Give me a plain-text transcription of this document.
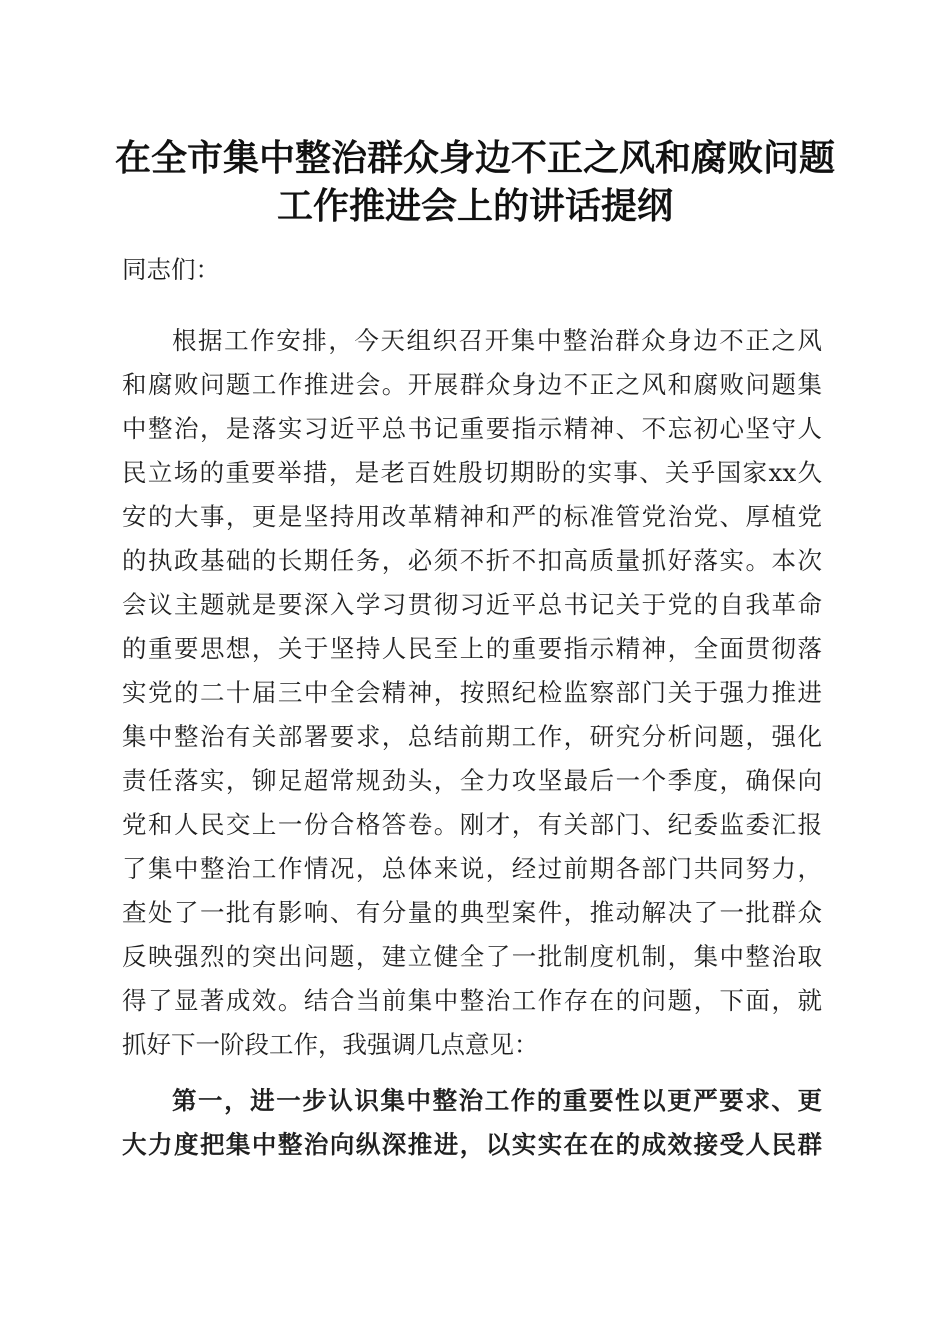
在全市集中整治群众身边不正之风和腐败问题
工作推进会上的讲话提纲
同志们：
根据工作安排，今天组织召开集中整治群众身边不正之风
和腐败问题工作推进会。开展群众身边不正之风和腐败问题集
中整治，是落实习近平总书记重要指示精神、不忘初心坚守人
民立场的重要举措，是老百姓殷切期盼的实事、关乎国家xx久
安的大事，更是坚持用改革精神和严的标准管党治党、厚植党
的执政基础的长期任务，必须不折不扣高质量抓好落实。本次
会议主题就是要深入学习贯彻习近平总书记关于党的自我革命
的重要思想，关于坚持人民至上的重要指示精神，全面贯彻落
实党的二十届三中全会精神，按照纪检监察部门关于强力推进
集中整治有关部署要求，总结前期工作，研究分析问题，强化
责任落实，铆足超常规劲头，全力攻坚最后一个季度，确保向
党和人民交上一份合格答卷。刚才，有关部门、纪委监委汇报
了集中整治工作情况，总体来说，经过前期各部门共同努力，
查处了一批有影响、有分量的典型案件，推动解决了一批群众
反映强烈的突出问题，建立健全了一批制度机制，集中整治取
得了显著成效。结合当前集中整治工作存在的问题，下面，就
抓好下一阶段工作，我强调几点意见：
第一，进一步认识集中整治工作的重要性以更严要求、更
大力度把集中整治向纵深推进，以实实在在的成效接受人民群
